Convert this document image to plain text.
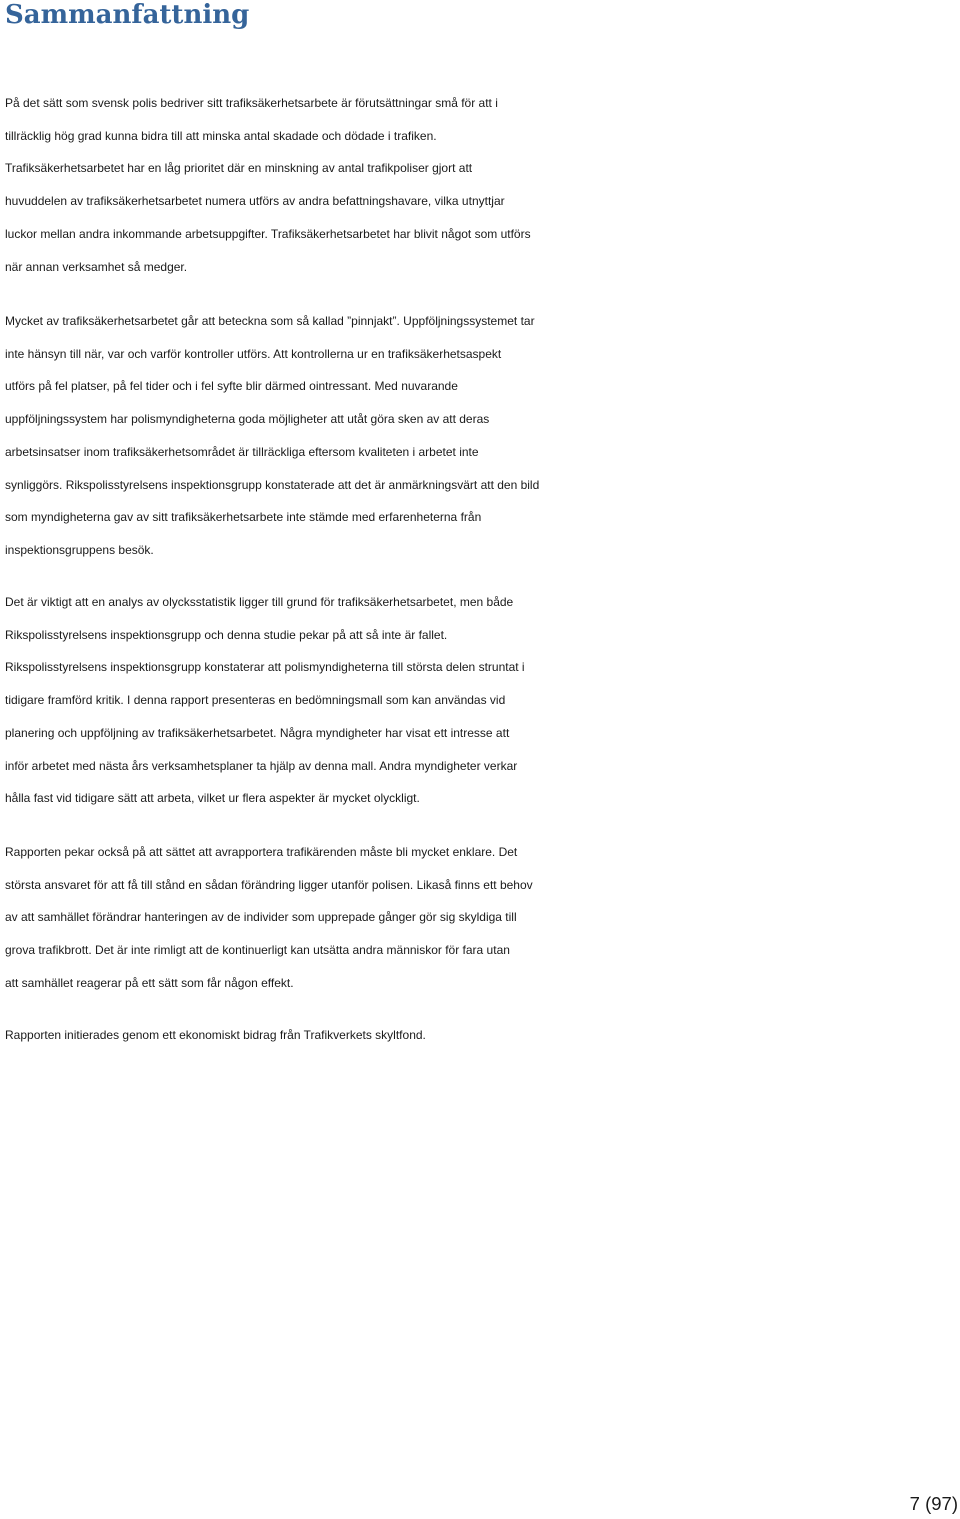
Sammanfattning

På det sätt som svensk polis bedriver sitt trafiksäkerhetsarbete är förutsättningar små för att i
tillräcklig hög grad kunna bidra till att minska antal skadade och dödade i trafiken.
Trafiksäkerhetsarbetet har en låg prioritet där en minskning av antal trafikpoliser gjort att
huvuddelen av trafiksäkerhetsarbetet numera utförs av andra befattningshavare, vilka utnyttjar
luckor mellan andra inkommande arbetsuppgifter. Trafiksäkerhetsarbetet har blivit något som utförs
när annan verksamhet så medger.

Mycket av trafiksäkerhetsarbetet går att beteckna som så kallad ”pinnjakt”. Uppföljningssystemet tar
inte hänsyn till när, var och varför kontroller utförs. Att kontrollerna ur en trafiksäkerhetsaspekt
utförs på fel platser, på fel tider och i fel syfte blir därmed ointressant. Med nuvarande
uppföljningssystem har polismyndigheterna goda möjligheter att utåt göra sken av att deras
arbetsinsatser inom trafiksäkerhetsområdet är tillräckliga eftersom kvaliteten i arbetet inte
synliggörs. Rikspolisstyrelsens inspektionsgrupp konstaterade att det är anmärkningsvärt att den bild
som myndigheterna gav av sitt trafiksäkerhetsarbete inte stämde med erfarenheterna från
inspektionsgruppens besök.

Det är viktigt att en analys av olycksstatistik ligger till grund för trafiksäkerhetsarbetet, men både
Rikspolisstyrelsens inspektionsgrupp och denna studie pekar på att så inte är fallet.
Rikspolisstyrelsens inspektionsgrupp konstaterar att polismyndigheterna till största delen struntat i
tidigare framförd kritik. I denna rapport presenteras en bedömningsmall som kan användas vid
planering och uppföljning av trafiksäkerhetsarbetet. Några myndigheter har visat ett intresse att
inför arbetet med nästa års verksamhetsplaner ta hjälp av denna mall. Andra myndigheter verkar
hålla fast vid tidigare sätt att arbeta, vilket ur flera aspekter är mycket olyckligt.

Rapporten pekar också på att sättet att avrapportera trafikärenden måste bli mycket enklare. Det
största ansvaret för att få till stånd en sådan förändring ligger utanför polisen. Likaså finns ett behov
av att samhället förändrar hanteringen av de individer som upprepade gånger gör sig skyldiga till
grova trafikbrott. Det är inte rimligt att de kontinuerligt kan utsätta andra människor för fara utan
att samhället reagerar på ett sätt som får någon effekt.

Rapporten initierades genom ett ekonomiskt bidrag från Trafikverkets skyltfond.

7 (97)
